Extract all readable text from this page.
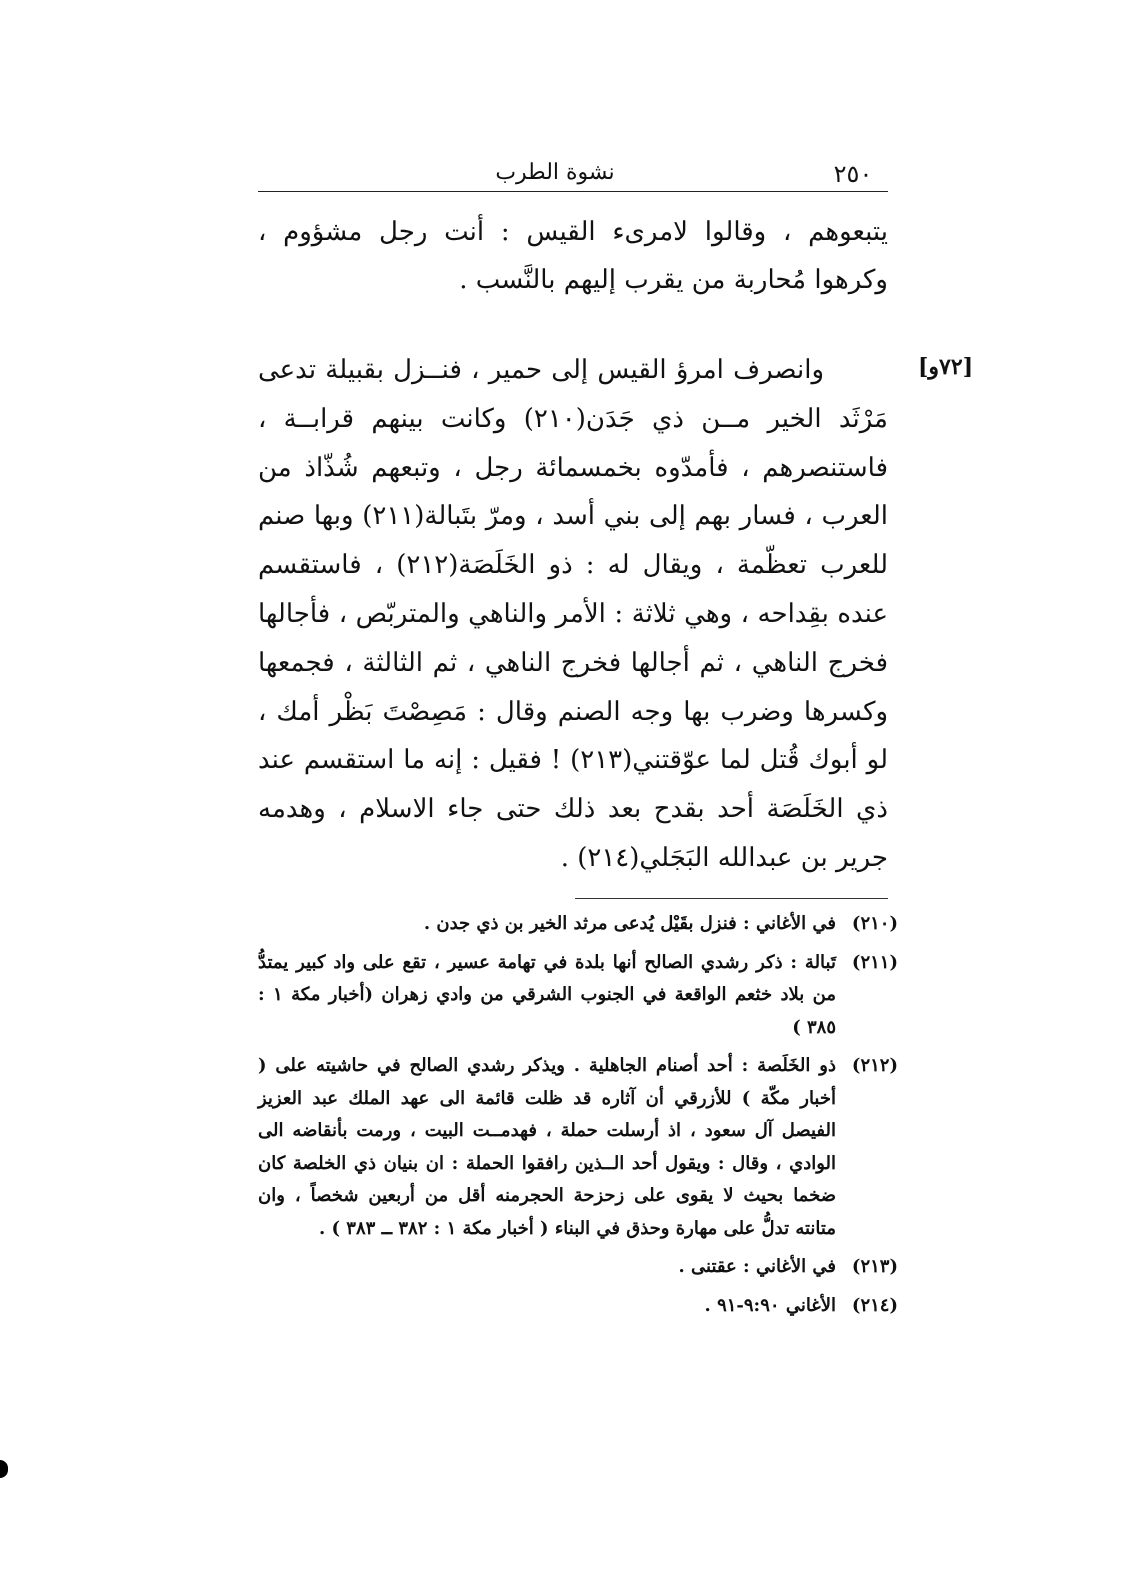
٢٥٠
نشوة الطرب
يتبعوهم ، وقالوا لامرىء القيس : أنت رجل مشؤوم ، وكرهوا مُحاربة من يقرب إليهم بالنَّسب .
[٧٢و]
وانصرف امرؤ القيس إلى حمير ، فنــزل بقبيلة تدعى مَرْثَد الخير مــن ذي جَدَن(٢١٠) وكانت بينهم قرابــة ، فاستنصرهم ، فأمدّوه بخمسمائة رجل ، وتبعهم شُذّاذ من العرب ، فسار بهم إلى بني أسد ، ومرّ بتَبالة(٢١١) وبها صنم للعرب تعظّمة ، ويقال له : ذو الخَلَصَة(٢١٢) ، فاستقسم عنده بقِداحه ، وهي ثلاثة : الأمر والناهي والمتربّص ، فأجالها فخرج الناهي ، ثم أجالها فخرج الناهي ، ثم الثالثة ، فجمعها وكسرها وضرب بها وجه الصنم وقال : مَصِصْتَ بَظْر أمك ، لو أبوك قُتل لما عوّقتني(٢١٣) ! فقيل : إنه ما استقسم عند ذي الخَلَصَة أحد بقدح بعد ذلك حتى جاء الاسلام ، وهدمه جرير بن عبدالله البَجَلي(٢١٤) .
(٢١٠)
في الأغاني : فنزل بقَيْل يُدعى مرثد الخير بن ذي جدن .
(٢١١)
تَبالة : ذكر رشدي الصالح أنها بلدة في تهامة عسير ، تقع على واد كبير يمتدُّ من بلاد خثعم الواقعة في الجنوب الشرقي من وادي زهران (أخبار مكة ١ : ٣٨٥ )
(٢١٢)
ذو الخَلَصة : أحد أصنام الجاهلية . ويذكر رشدي الصالح في حاشيته على ( أخبار مكّة ) للأزرقي أن آثاره قد ظلت قائمة الى عهد الملك عبد العزيز الفيصل آل سعود ، اذ أرسلت حملة ، فهدمــت البيت ، ورمت بأنقاضه الى الوادي ، وقال : ويقول أحد الــذين رافقوا الحملة : ان بنيان ذي الخلصة كان ضخما بحيث لا يقوى على زحزحة الحجرمنه أقل من أربعين شخصاً ، وان متانته تدلُّ على مهارة وحذق في البناء ( أخبار مكة ١ : ٣٨٢ ــ ٣٨٣ ) .
(٢١٣)
في الأغاني : عقتنى .
(٢١٤)
الأغاني ٩:٩٠-٩١ .
